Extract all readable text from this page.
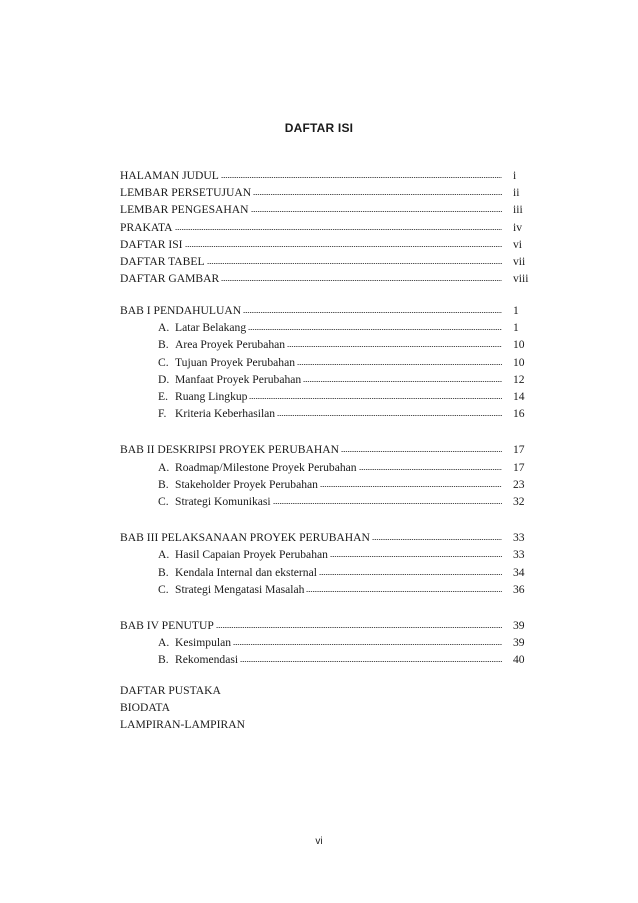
DAFTAR ISI
HALAMAN JUDUL	i
LEMBAR PERSETUJUAN	ii
LEMBAR PENGESAHAN	iii
PRAKATA	iv
DAFTAR ISI	vi
DAFTAR TABEL	vii
DAFTAR GAMBAR	viii
BAB I PENDAHULUAN	1
A. Latar Belakang	1
B. Area Proyek Perubahan	10
C. Tujuan Proyek Perubahan	10
D. Manfaat Proyek Perubahan	12
E. Ruang Lingkup	14
F. Kriteria Keberhasilan	16
BAB II DESKRIPSI PROYEK PERUBAHAN	17
A. Roadmap/Milestone Proyek Perubahan	17
B. Stakeholder Proyek Perubahan	23
C. Strategi Komunikasi	32
BAB III PELAKSANAAN PROYEK PERUBAHAN	33
A. Hasil Capaian Proyek Perubahan	33
B. Kendala Internal dan eksternal	34
C. Strategi Mengatasi Masalah	36
BAB IV PENUTUP	39
A. Kesimpulan	39
B. Rekomendasi	40
DAFTAR PUSTAKA
BIODATA
LAMPIRAN-LAMPIRAN
vi
